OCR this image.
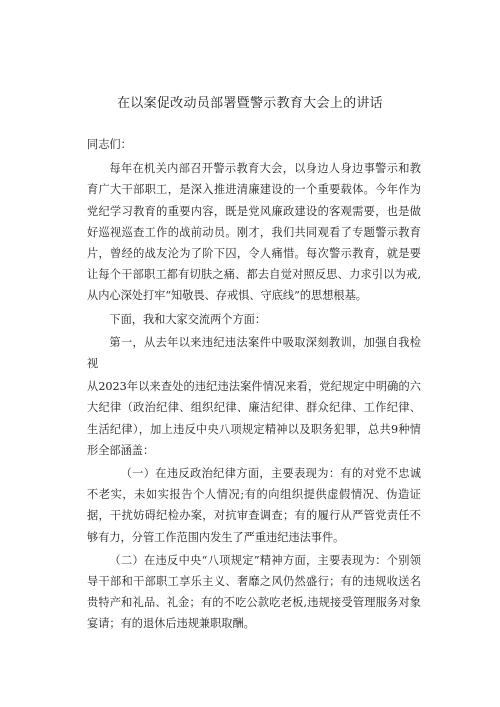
在以案促改动员部署暨警示教育大会上的讲话

同志们：

每年在机关内部召开警示教育大会，以身边人身边事警示和教育广大干部职工，是深入推进清廉建设的一个重要载体。今年作为党纪学习教育的重要内容，既是党风廉政建设的客观需要，也是做好巡视巡查工作的战前动员。刚才，我们共同观看了专题警示教育片，曾经的战友沦为了阶下囚，令人痛惜。每次警示教育，就是要让每个干部职工都有切肤之痛、都去自觉对照反思、力求引以为戒,从内心深处打牢“知敬畏、存戒惧、守底线”的思想根基。

下面，我和大家交流两个方面：

第一，从去年以来违纪违法案件中吸取深刻教训，加强自我检视

从2023年以来查处的违纪违法案件情况来看，党纪规定中明确的六大纪律（政治纪律、组织纪律、廉洁纪律、群众纪律、工作纪律、生活纪律），加上违反中央八项规定精神以及职务犯罪，总共9种情形全部涵盖：

（一）在违反政治纪律方面，主要表现为：有的对党不忠诚不老实，未如实报告个人情况;有的向组织提供虚假情况、伪造证据，干扰妨碍纪检办案，对抗审查调查；有的履行从严管党责任不够有力，分管工作范围内发生了严重违纪违法事件。

（二）在违反中央“八项规定”精神方面，主要表现为：个别领导干部和干部职工享乐主义、奢靡之风仍然盛行；有的违规收送名贵特产和礼品、礼金；有的不吃公款吃老板,违规接受管理服务对象宴请；有的退休后违规兼职取酬。
